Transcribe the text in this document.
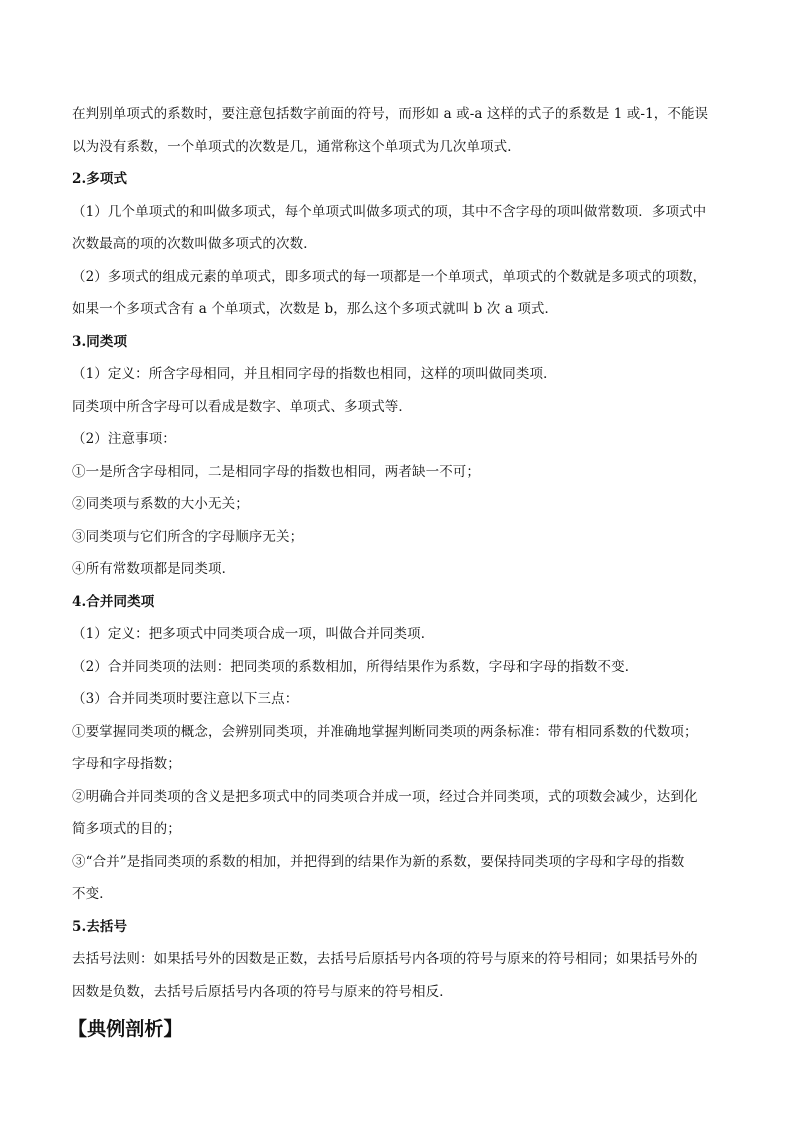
在判别单项式的系数时，要注意包括数字前面的符号，而形如 a 或-a 这样的式子的系数是 1 或-1，不能误

以为没有系数，一个单项式的次数是几，通常称这个单项式为几次单项式．

2.多项式

（1）几个单项式的和叫做多项式，每个单项式叫做多项式的项，其中不含字母的项叫做常数项．多项式中

次数最高的项的次数叫做多项式的次数．

（2）多项式的组成元素的单项式，即多项式的每一项都是一个单项式，单项式的个数就是多项式的项数，

如果一个多项式含有 a 个单项式，次数是 b，那么这个多项式就叫 b 次 a 项式．

3.同类项

（1）定义：所含字母相同，并且相同字母的指数也相同，这样的项叫做同类项．

同类项中所含字母可以看成是数字、单项式、多项式等．

（2）注意事项：

①一是所含字母相同，二是相同字母的指数也相同，两者缺一不可；

②同类项与系数的大小无关；

③同类项与它们所含的字母顺序无关；

④所有常数项都是同类项．

4.合并同类项

（1）定义：把多项式中同类项合成一项，叫做合并同类项．

（2）合并同类项的法则：把同类项的系数相加，所得结果作为系数，字母和字母的指数不变．

（3）合并同类项时要注意以下三点：

①要掌握同类项的概念，会辨别同类项，并准确地掌握判断同类项的两条标准：带有相同系数的代数项；

字母和字母指数；

②明确合并同类项的含义是把多项式中的同类项合并成一项，经过合并同类项，式的项数会减少，达到化

简多项式的目的；

③“合并”是指同类项的系数的相加，并把得到的结果作为新的系数，要保持同类项的字母和字母的指数

不变．

5.去括号

去括号法则：如果括号外的因数是正数，去括号后原括号内各项的符号与原来的符号相同；如果括号外的

因数是负数，去括号后原括号内各项的符号与原来的符号相反．

【典例剖析】
